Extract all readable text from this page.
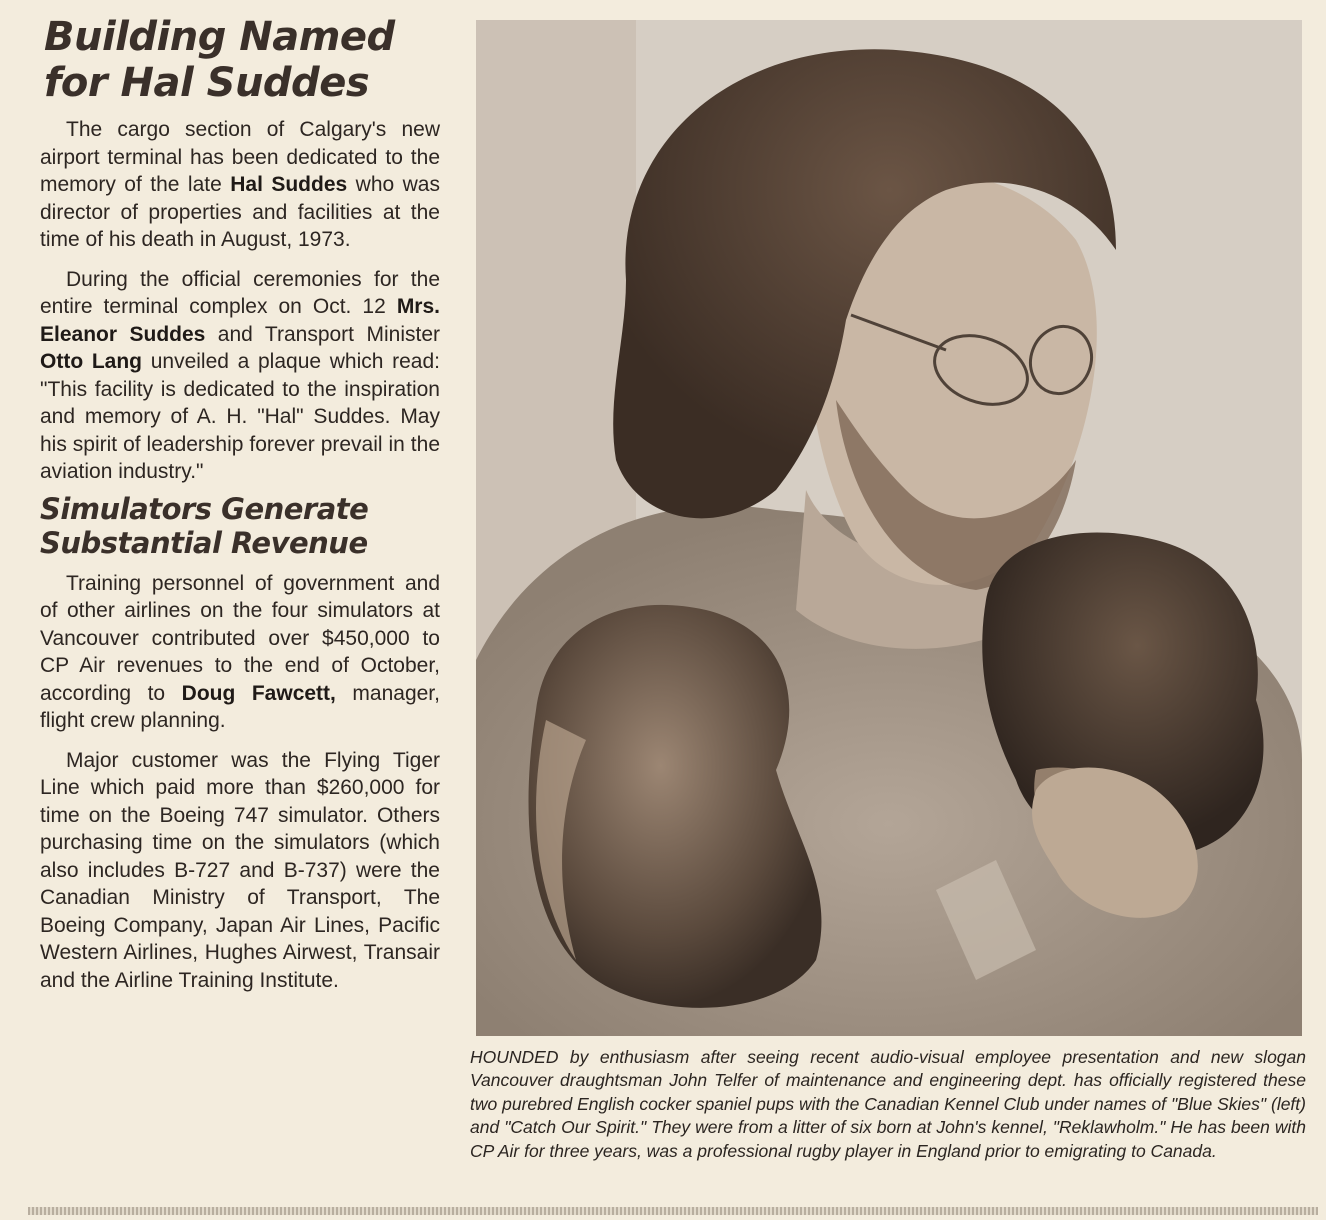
Building Named
for Hal Suddes

The cargo section of Calgary's new airport terminal has been dedicated to the memory of the late Hal Suddes who was director of properties and facilities at the time of his death in August, 1973.

During the official ceremonies for the entire terminal complex on Oct. 12 Mrs. Eleanor Suddes and Transport Minister Otto Lang unveiled a plaque which read: "This facility is dedicated to the inspiration and memory of A. H. "Hal" Suddes. May his spirit of leadership forever prevail in the aviation industry."

Simulators Generate
Substantial Revenue

Training personnel of government and of other airlines on the four simulators at Vancouver contributed over $450,000 to CP Air revenues to the end of October, according to Doug Fawcett, manager, flight crew planning.

Major customer was the Flying Tiger Line which paid more than $260,000 for time on the Boeing 747 simulator. Others purchasing time on the simulators (which also includes B-727 and B-737) were the Canadian Ministry of Transport, The Boeing Company, Japan Air Lines, Pacific Western Airlines, Hughes Airwest, Transair and the Airline Training Institute.

HOUNDED by enthusiasm after seeing recent audio-visual employee presentation and new slogan Vancouver draughtsman John Telfer of maintenance and engineering dept. has officially registered these two purebred English cocker spaniel pups with the Canadian Kennel Club under names of "Blue Skies" (left) and "Catch Our Spirit." They were from a litter of six born at John's kennel, "Reklawholm." He has been with CP Air for three years, was a professional rugby player in England prior to emigrating to Canada.
